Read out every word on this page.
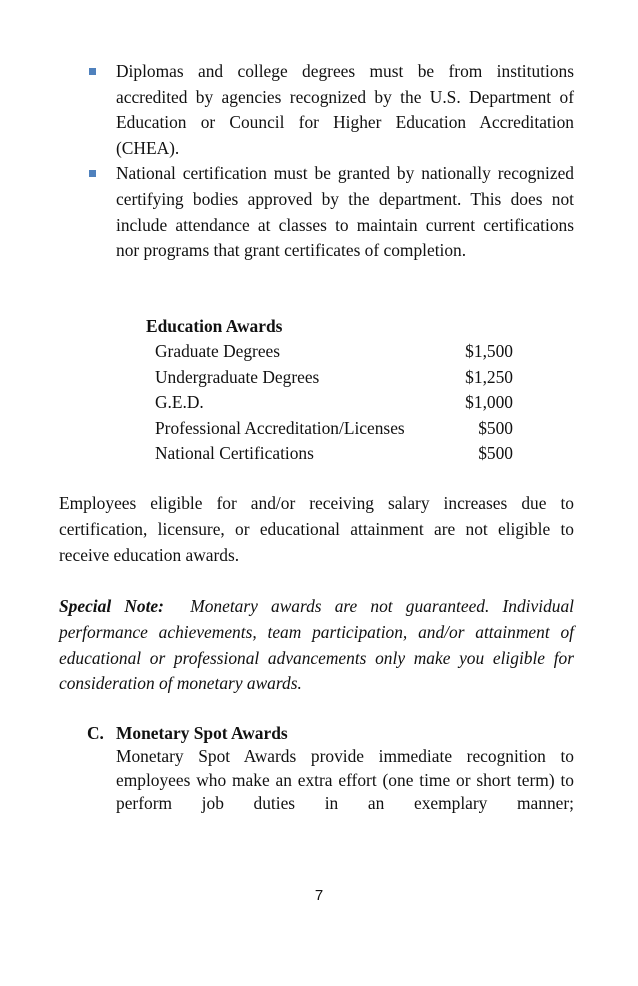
Diplomas and college degrees must be from institutions accredited by agencies recognized by the U.S. Department of Education or Council for Higher Education Accreditation (CHEA).
National certification must be granted by nationally recognized certifying bodies approved by the department. This does not include attendance at classes to maintain current certifications nor programs that grant certificates of completion.

Education Awards

Graduate Degrees	$1,500
Undergraduate Degrees	$1,250
G.E.D.	$1,000
Professional Accreditation/Licenses	$500
National Certifications	$500

Employees eligible for and/or receiving salary increases due to certification, licensure, or educational attainment are not eligible to receive education awards.

Special Note: Monetary awards are not guaranteed. Individual performance achievements, team participation, and/or attainment of educational or professional advancements only make you eligible for consideration of monetary awards.

C. Monetary Spot Awards

Monetary Spot Awards provide immediate recognition to employees who make an extra effort (one time or short term) to perform job duties in an exemplary manner;

7
